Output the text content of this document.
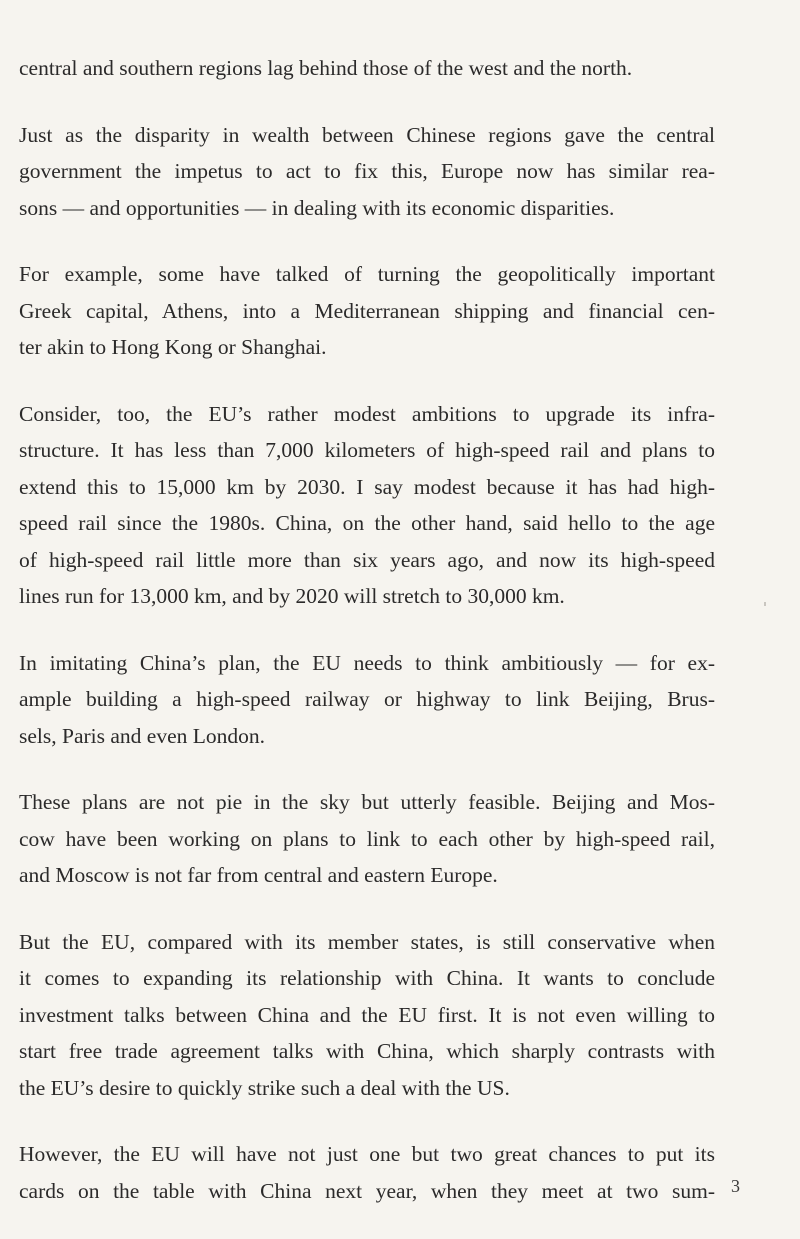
central and southern regions lag behind those of the west and the north.
Just as the disparity in wealth between Chinese regions gave the central
government the impetus to act to fix this, Europe now has similar rea-
sons — and opportunities — in dealing with its economic disparities.
For example, some have talked of turning the geopolitically important
Greek capital, Athens, into a Mediterranean shipping and financial cen-
ter akin to Hong Kong or Shanghai.
Consider, too, the EU’s rather modest ambitions to upgrade its infra-
structure. It has less than 7,000 kilometers of high-speed rail and plans to
extend this to 15,000 km by 2030. I say modest because it has had high-
speed rail since the 1980s. China, on the other hand, said hello to the age
of high-speed rail little more than six years ago, and now its high-speed
lines run for 13,000 km, and by 2020 will stretch to 30,000 km.
In imitating China’s plan, the EU needs to think ambitiously — for ex-
ample building a high-speed railway or highway to link Beijing, Brus-
sels, Paris and even London.
These plans are not pie in the sky but utterly feasible. Beijing and Mos-
cow have been working on plans to link to each other by high-speed rail,
and Moscow is not far from central and eastern Europe.
But the EU, compared with its member states, is still conservative when
it comes to expanding its relationship with China. It wants to conclude
investment talks between China and the EU first. It is not even willing to
start free trade agreement talks with China, which sharply contrasts with
the EU’s desire to quickly strike such a deal with the US.
However, the EU will have not just one but two great chances to put its
cards on the table with China next year, when they meet at two sum- 3
